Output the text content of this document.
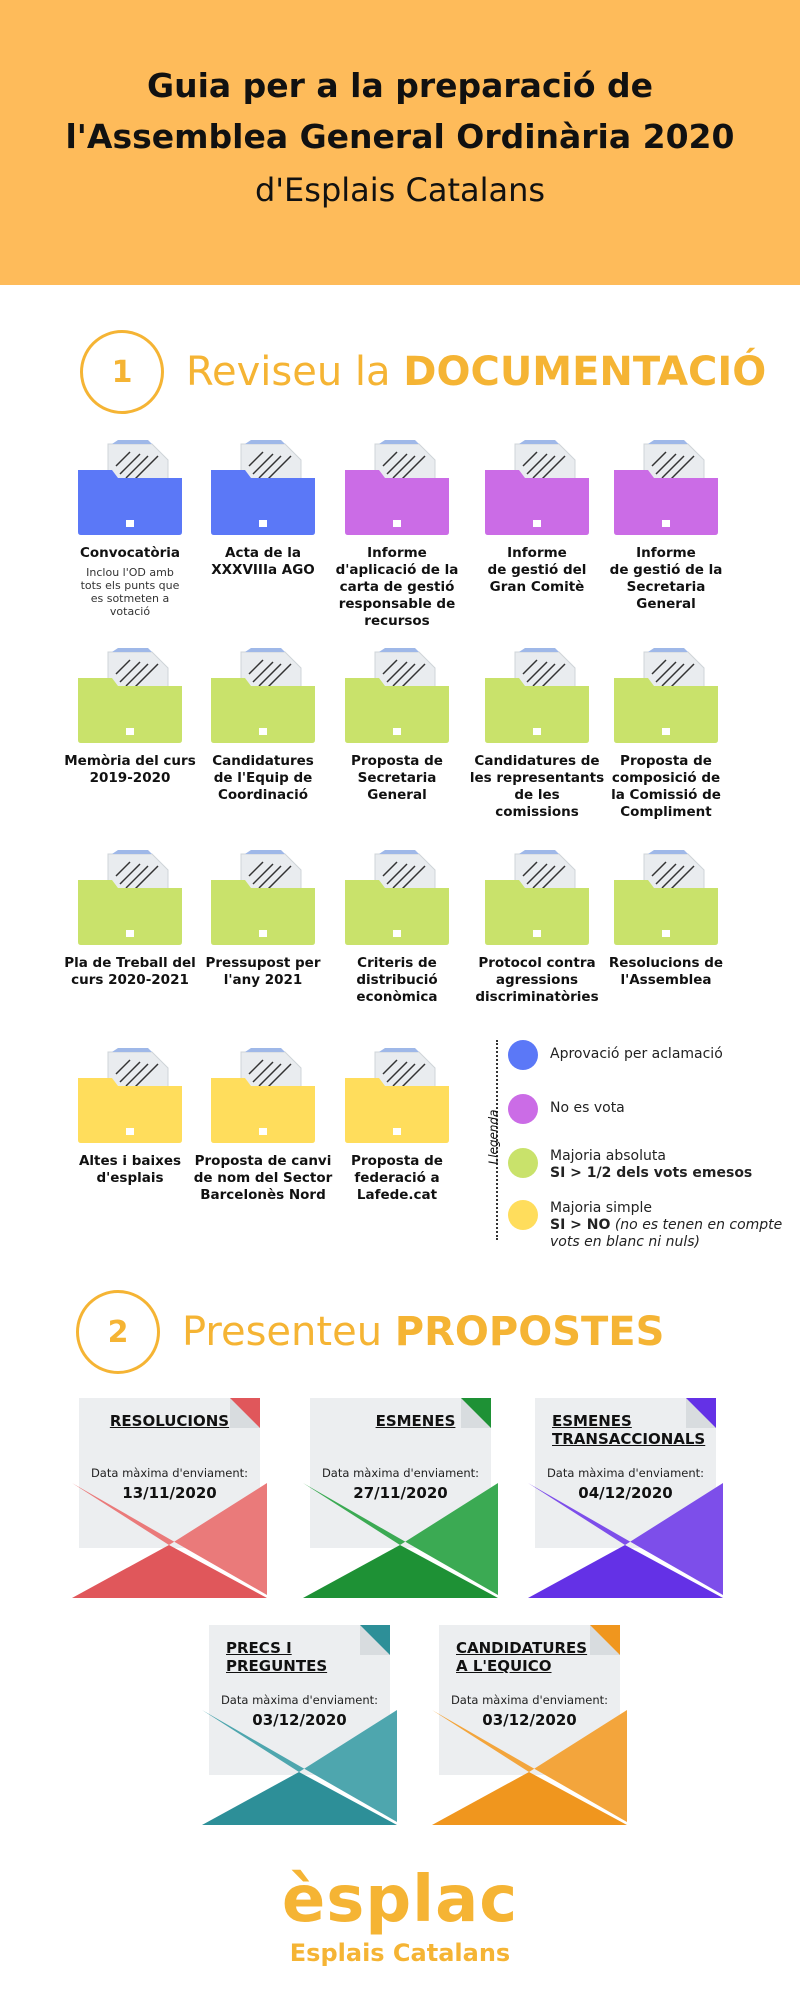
Guia per a la preparació de
l'Assemblea General Ordinària 2020
d'Esplais Catalans
1	Reviseu la DOCUMENTACIÓ
Convocatòria
Inclou l'OD amb
tots els punts que
es sotmeten a
votació
Acta de la
XXXVIIIa AGO
Informe
d'aplicació de la
carta de gestió
responsable de
recursos
Informe
de gestió del
Gran Comitè
Informe
de gestió de la
Secretaria
General
Memòria del curs
2019-2020
Candidatures
de l'Equip de
Coordinació
Proposta de
Secretaria
General
Candidatures de
les representants
de les
comissions
Proposta de
composició de
la Comissió de
Compliment
Pla de Treball del
curs 2020-2021
Pressupost per
l'any 2021
Criteris de
distribució
econòmica
Protocol contra
agressions
discriminatòries
Resolucions de
l'Assemblea
Altes i baixes
d'esplais
Proposta de canvi
de nom del Sector
Barcelonès Nord
Proposta de
federació a
Lafede.cat
Llegenda
Aprovació per aclamació
No es vota
Majoria absoluta
SI > 1/2 dels vots emesos
Majoria simple
SI > NO (no es tenen en compte vots en blanc ni nuls)
2	Presenteu PROPOSTES
RESOLUCIONS
Data màxima d'enviament:
13/11/2020
ESMENES
Data màxima d'enviament:
27/11/2020
ESMENES
TRANSACCIONALS
Data màxima d'enviament:
04/12/2020
PRECS I
PREGUNTES
Data màxima d'enviament:
03/12/2020
CANDIDATURES
A L'EQUICO
Data màxima d'enviament:
03/12/2020
èsplac
Esplais Catalans
